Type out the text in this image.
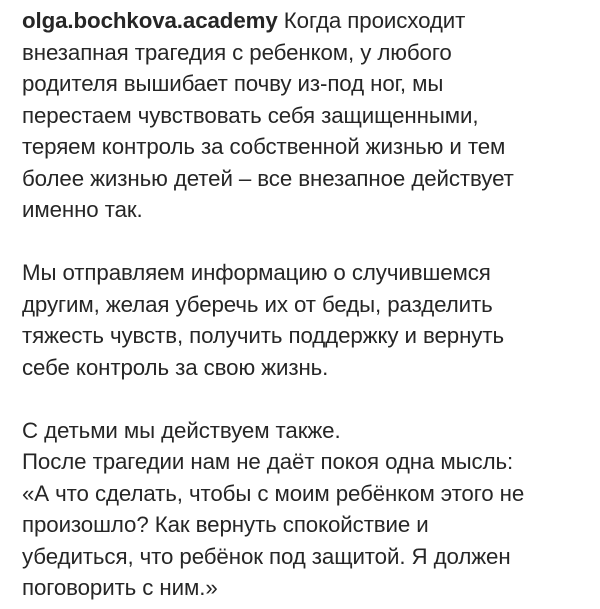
olga.bochkova.academy Когда происходит
внезапная трагедия с ребенком, у любого
родителя вышибает почву из-под ног, мы
перестаем чувствовать себя защищенными,
теряем контроль за собственной жизнью и тем
более жизнью детей – все внезапное действует
именно так.

Мы отправляем информацию о случившемся
другим, желая уберечь их от беды, разделить
тяжесть чувств, получить поддержку и вернуть
себе контроль за свою жизнь.

С детьми мы действуем также.
После трагедии нам не даёт покоя одна мысль:
«А что сделать, чтобы с моим ребёнком этого не
произошло? Как вернуть спокойствие и
убедиться, что ребёнок под защитой. Я должен
поговорить с ним.»
